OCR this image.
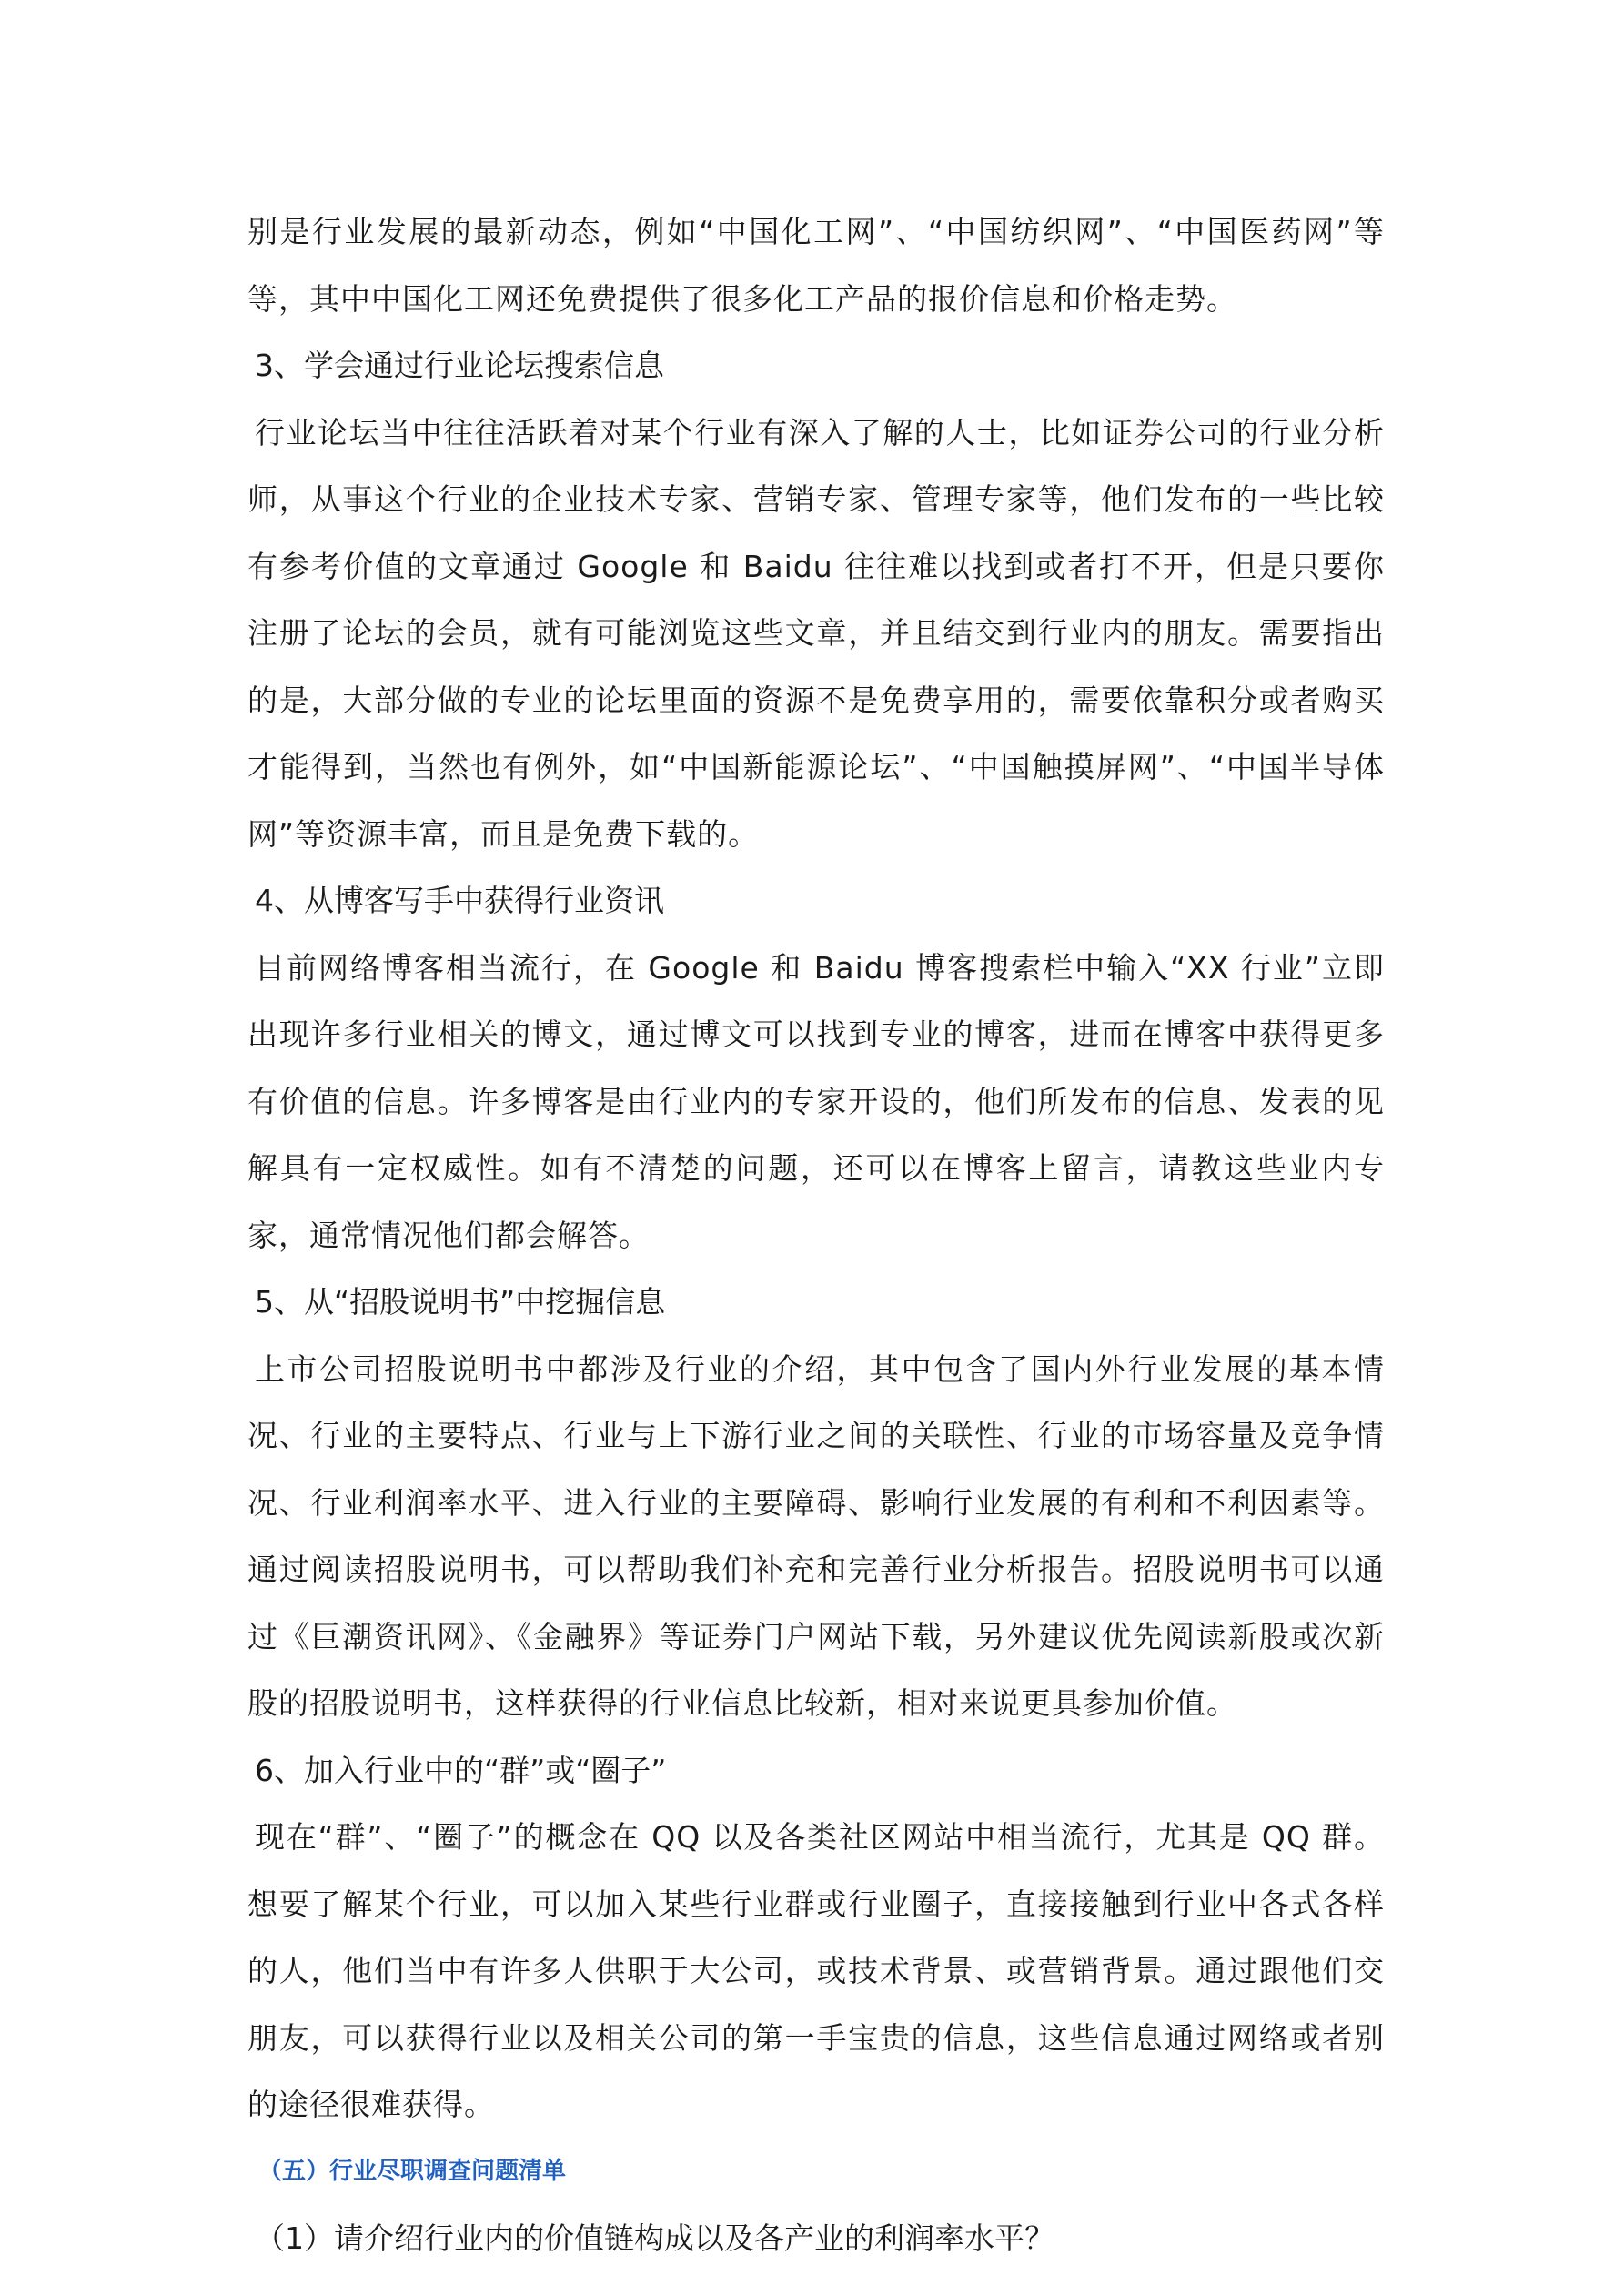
别是行业发展的最新动态，例如“中国化工网”、“中国纺织网”、“中国医药网”等等，其中中国化工网还免费提供了很多化工产品的报价信息和价格走势。

3、学会通过行业论坛搜索信息

行业论坛当中往往活跃着对某个行业有深入了解的人士，比如证券公司的行业分析师，从事这个行业的企业技术专家、营销专家、管理专家等，他们发布的一些比较有参考价值的文章通过 Google 和 Baidu 往往难以找到或者打不开，但是只要你注册了论坛的会员，就有可能浏览这些文章，并且结交到行业内的朋友。需要指出的是，大部分做的专业的论坛里面的资源不是免费享用的，需要依靠积分或者购买才能得到，当然也有例外，如“中国新能源论坛”、“中国触摸屏网”、“中国半导体网”等资源丰富，而且是免费下载的。

4、从博客写手中获得行业资讯

目前网络博客相当流行，在 Google 和 Baidu 博客搜索栏中输入“XX 行业”立即出现许多行业相关的博文，通过博文可以找到专业的博客，进而在博客中获得更多有价值的信息。许多博客是由行业内的专家开设的，他们所发布的信息、发表的见解具有一定权威性。如有不清楚的问题，还可以在博客上留言，请教这些业内专家，通常情况他们都会解答。

5、从“招股说明书”中挖掘信息

上市公司招股说明书中都涉及行业的介绍，其中包含了国内外行业发展的基本情况、行业的主要特点、行业与上下游行业之间的关联性、行业的市场容量及竞争情况、行业利润率水平、进入行业的主要障碍、影响行业发展的有利和不利因素等。通过阅读招股说明书，可以帮助我们补充和完善行业分析报告。招股说明书可以通过《巨潮资讯网》、《金融界》等证券门户网站下载，另外建议优先阅读新股或次新股的招股说明书，这样获得的行业信息比较新，相对来说更具参加价值。

6、加入行业中的“群”或“圈子”

现在“群”、“圈子”的概念在 QQ 以及各类社区网站中相当流行，尤其是 QQ 群。想要了解某个行业，可以加入某些行业群或行业圈子，直接接触到行业中各式各样的人，他们当中有许多人供职于大公司，或技术背景、或营销背景。通过跟他们交朋友，可以获得行业以及相关公司的第一手宝贵的信息，这些信息通过网络或者别的途径很难获得。

（五）行业尽职调查问题清单

（1）请介绍行业内的价值链构成以及各产业的利润率水平？
